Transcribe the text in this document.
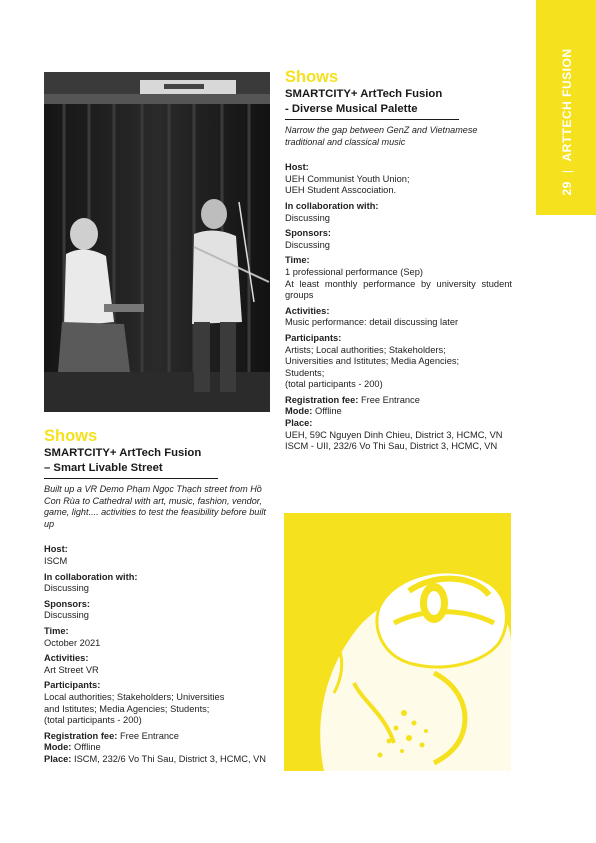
29|ARTTECH FUSION
Shows
SMARTCITY+ ArtTech Fusion
– Smart Livable Street
Built up a VR Demo Phạm Ngọc Thạch street from Hồ Con Rùa to Cathedral with art, music, fashion, vendor, game, light.... activities to test the feasibility before built up
Host:
ISCM
In collaboration with:
Discussing
Sponsors:
Discussing
Time:
October 2021
Activities:
Art Street VR
Participants:
Local authorities; Stakeholders; Universities
and Istitutes; Media Agencies; Students;
(total participants - 200)
Registration fee: Free Entrance
Mode: Offline
Place: ISCM, 232/6 Vo Thi Sau, District 3, HCMC, VN
Shows
SMARTCITY+ ArtTech Fusion
- Diverse Musical Palette
Narrow the gap between GenZ and Vietnamese traditional and classical music
Host:
UEH Communist Youth Union;
UEH Student Asscociation.
In collaboration with:
Discussing
Sponsors:
Discussing
Time:
1 professional performance (Sep)
At least monthly performance by university student groups
Activities:
Music performance: detail discussing later
Participants:
Artists; Local authorities; Stakeholders;
Universities and Istitutes; Media Agencies;
Students;
(total participants - 200)
Registration fee: Free Entrance
Mode: Offline
Place:
UEH, 59C Nguyen Dinh Chieu, District 3, HCMC, VN
ISCM - UII, 232/6 Vo Thi Sau, District 3, HCMC, VN
